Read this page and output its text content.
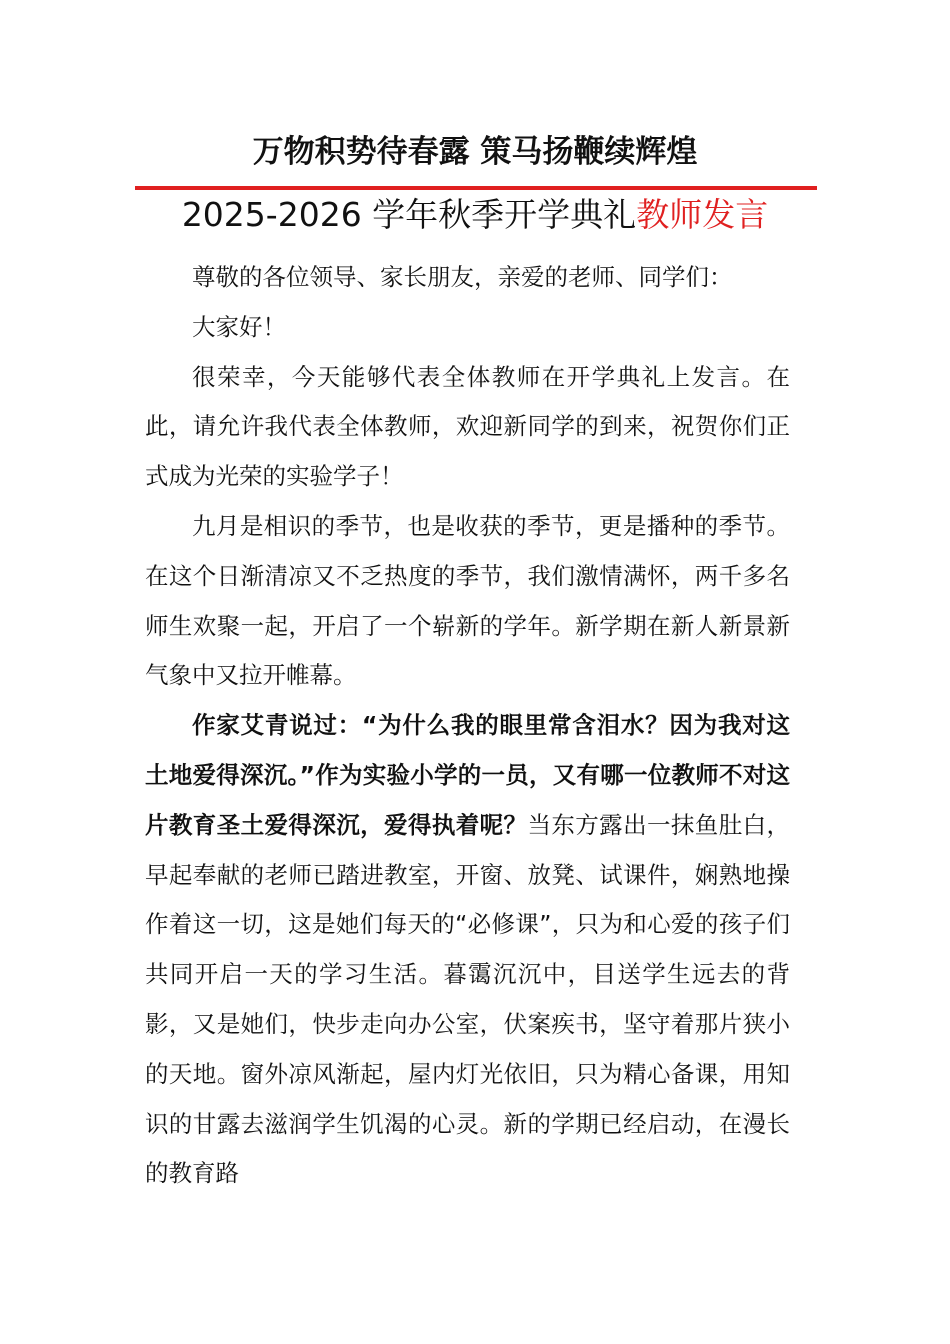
万物积势待春露 策马扬鞭续辉煌
2025-2026 学年秋季开学典礼教师发言

尊敬的各位领导、家长朋友，亲爱的老师、同学们：

大家好！

很荣幸，今天能够代表全体教师在开学典礼上发言。在此，请允许我代表全体教师，欢迎新同学的到来，祝贺你们正式成为光荣的实验学子！

九月是相识的季节，也是收获的季节，更是播种的季节。在这个日渐清凉又不乏热度的季节，我们激情满怀，两千多名师生欢聚一起，开启了一个崭新的学年。新学期在新人新景新气象中又拉开帷幕。

作家艾青说过：“为什么我的眼里常含泪水？因为我对这土地爱得深沉。”作为实验小学的一员，又有哪一位教师不对这片教育圣土爱得深沉，爱得执着呢？当东方露出一抹鱼肚白，早起奉献的老师已踏进教室，开窗、放凳、试课件，娴熟地操作着这一切，这是她们每天的“必修课”，只为和心爱的孩子们共同开启一天的学习生活。暮霭沉沉中，目送学生远去的背影，又是她们，快步走向办公室，伏案疾书，坚守着那片狭小的天地。窗外凉风渐起，屋内灯光依旧，只为精心备课，用知识的甘露去滋润学生饥渴的心灵。新的学期已经启动，在漫长的教育路
